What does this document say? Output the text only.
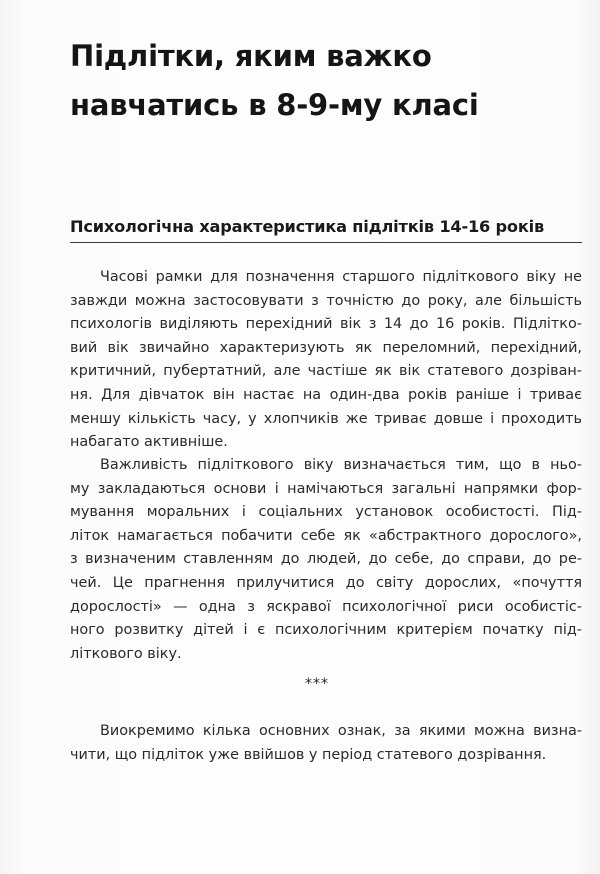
Підлітки, яким важко
навчатись в 8-9-му класі
Психологічна характеристика підлітків 14-16 років
Часові рамки для позначення старшого підліткового віку не
завжди можна застосовувати з точністю до року, але більшість
психологів виділяють перехідний вік з 14 до 16 років. Підлітко-
вий вік звичайно характеризують як переломний, перехідний,
критичний, пубертатний, але частіше як вік статевого дозріван-
ня. Для дівчаток він настає на один-два років раніше і триває
меншу кількість часу, у хлопчиків же триває довше і проходить
набагато активніше.
Важливість підліткового віку визначається тим, що в ньо-
му закладаються основи і намічаються загальні напрямки фор-
мування моральних і соціальних установок особистості. Під-
літок намагається побачити себе як «абстрактного дорослого»,
з визначеним ставленням до людей, до себе, до справи, до ре-
чей. Це прагнення прилучитися до світу дорослих, «почуття
дорослості» — одна з яскравої психологічної риси особистіс-
ного розвитку дітей і є психологічним критерієм початку під-
літкового віку.
***
Виокремимо кілька основних ознак, за якими можна визна-
чити, що підліток уже ввійшов у період статевого дозрівання.
